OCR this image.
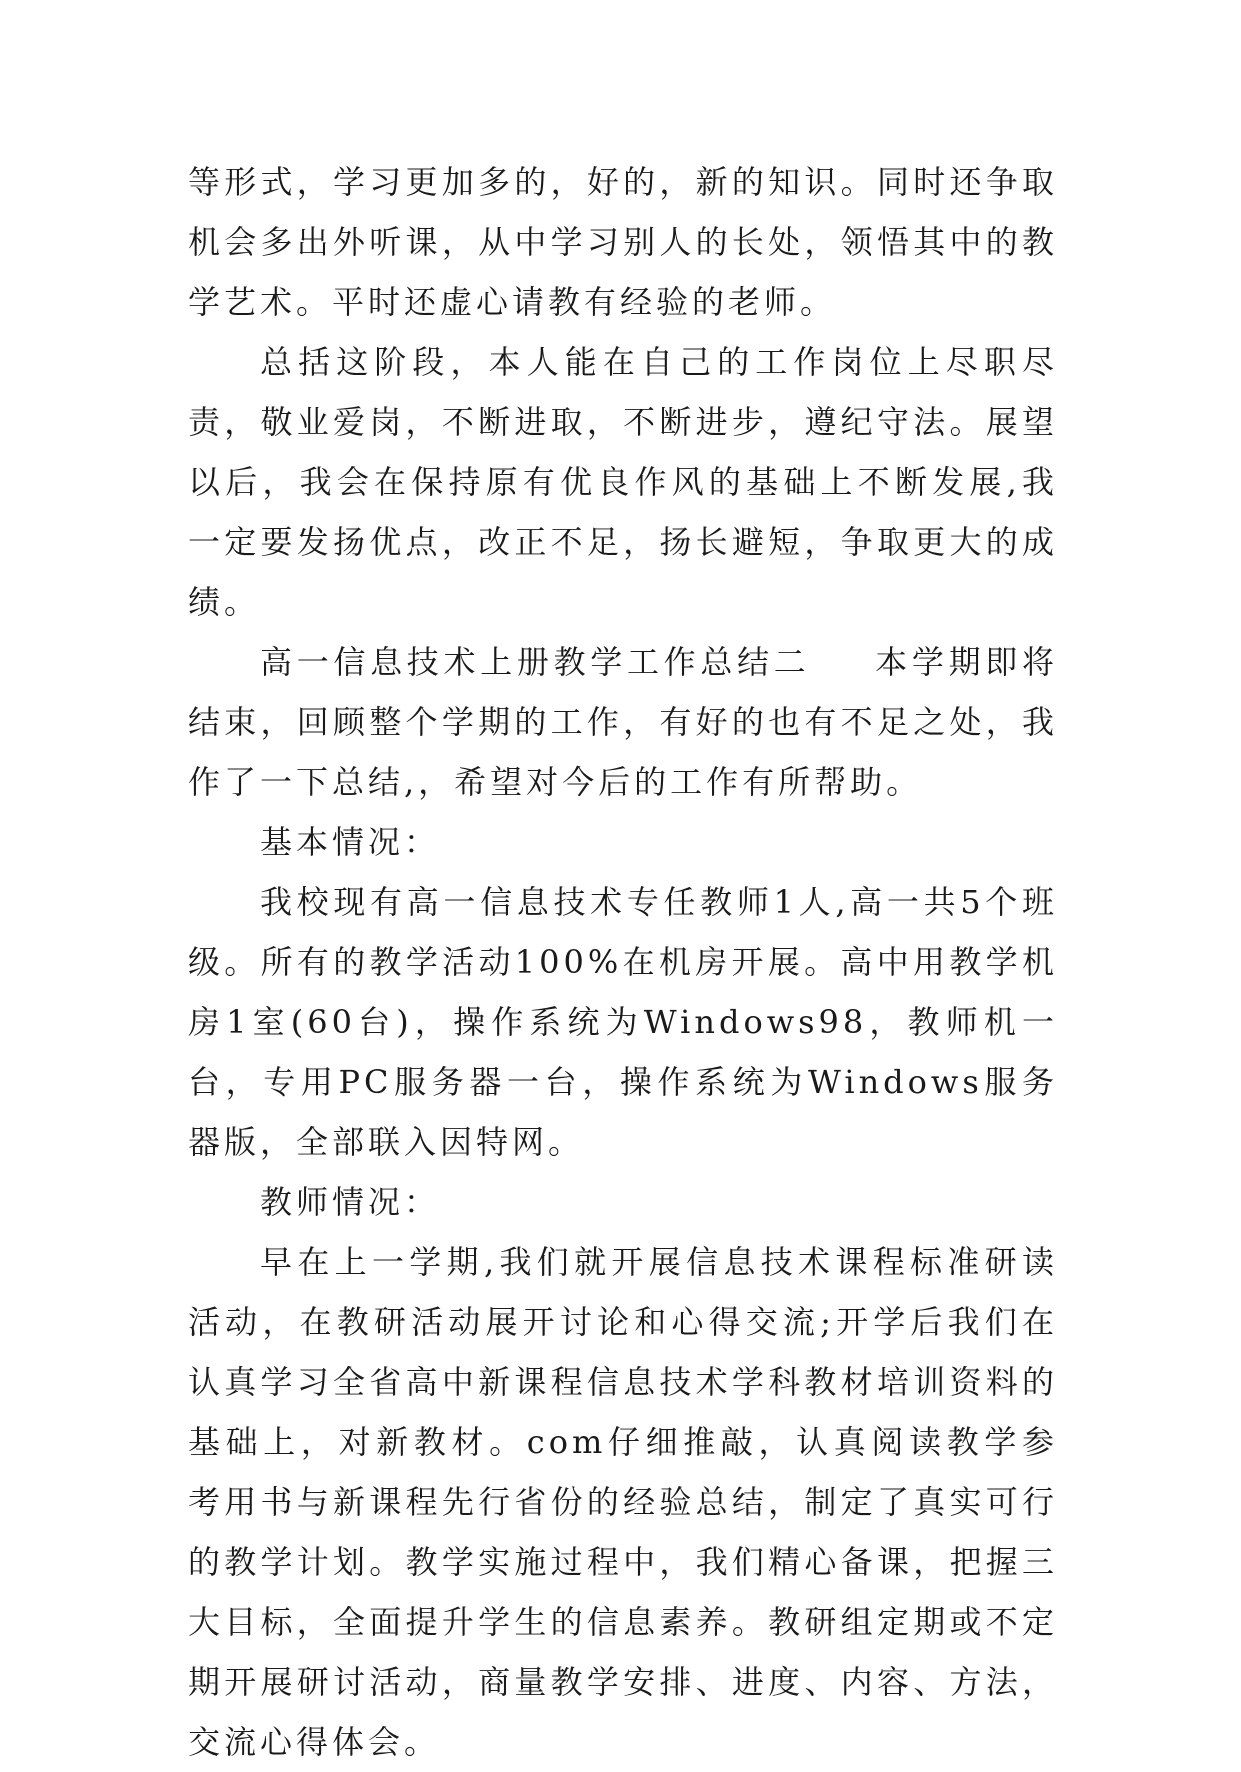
等形式，学习更加多的，好的，新的知识。同时还争取机会多出外听课，从中学习别人的长处，领悟其中的教学艺术。平时还虚心请教有经验的老师。

总括这阶段，本人能在自己的工作岗位上尽职尽责，敬业爱岗，不断进取，不断进步，遵纪守法。展望以后，我会在保持原有优良作风的基础上不断发展,我一定要发扬优点，改正不足，扬长避短，争取更大的成绩。

高一信息技术上册教学工作总结二 本学期即将结束，回顾整个学期的工作，有好的也有不足之处，我作了一下总结,，希望对今后的工作有所帮助。

基本情况：

我校现有高一信息技术专任教师1人,高一共5个班级。所有的教学活动100%在机房开展。高中用教学机房1室(60台)，操作系统为Windows98，教师机一台，专用PC服务器一台，操作系统为Windows服务器版，全部联入因特网。

教师情况：

早在上一学期,我们就开展信息技术课程标准研读活动，在教研活动展开讨论和心得交流;开学后我们在认真学习全省高中新课程信息技术学科教材培训资料的基础上，对新教材。com仔细推敲，认真阅读教学参考用书与新课程先行省份的经验总结，制定了真实可行的教学计划。教学实施过程中，我们精心备课，把握三大目标，全面提升学生的信息素养。教研组定期或不定期开展研讨活动，商量教学安排、进度、内容、方法，交流心得体会。
